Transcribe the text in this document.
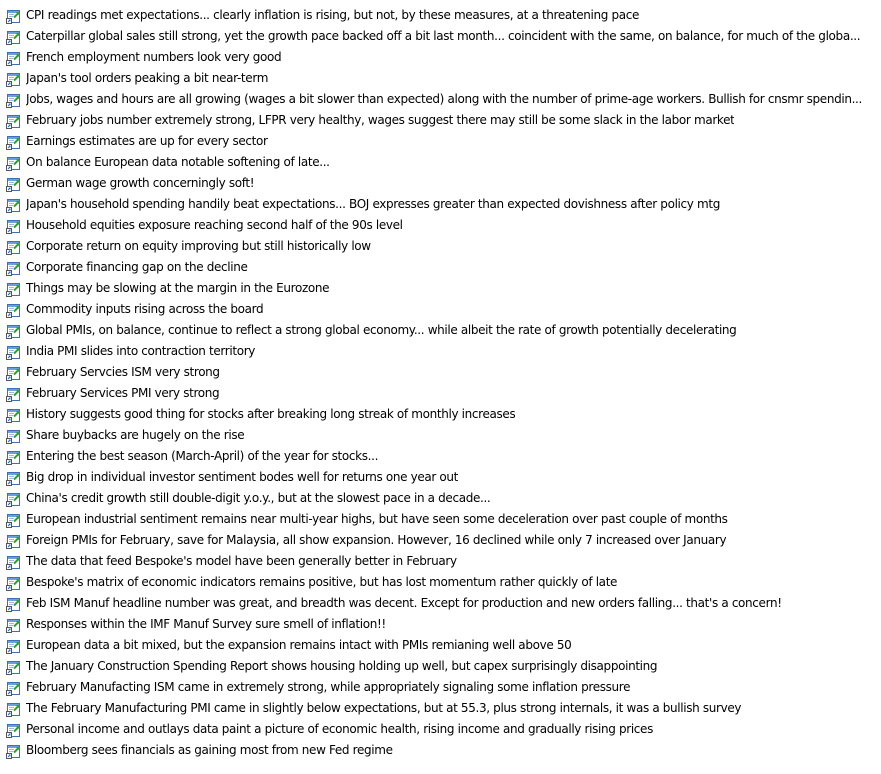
CPI readings met expectations... clearly inflation is rising, but not, by these measures, at a threatening pace
Caterpillar global sales still strong, yet the growth pace backed off a bit last month... coincident with the same, on balance, for much of the globa...
French employment numbers look very good
Japan's tool orders peaking a bit near-term
Jobs, wages and hours are all growing (wages a bit slower than expected) along with the number of prime-age workers. Bullish for cnsmr spendin...
February jobs number extremely strong, LFPR very healthy, wages suggest there may still be some slack in the labor market
Earnings estimates are up for every sector
On balance European data notable softening of late...
German wage growth concerningly soft!
Japan's household spending handily beat expectations... BOJ expresses greater than expected dovishness after policy mtg
Household equities exposure reaching second half of the 90s level
Corporate return on equity improving but still historically low
Corporate financing gap on the decline
Things may be slowing at the margin in the Eurozone
Commodity inputs rising across the board
Global PMIs, on balance, continue to reflect a strong global economy... while albeit the rate of growth potentially decelerating
India PMI slides into contraction territory
February Servcies ISM very strong
February Services PMI very strong
History suggests good thing for stocks after breaking long streak of monthly increases
Share buybacks are hugely on the rise
Entering the best season (March-April) of the year for stocks...
Big drop in individual investor sentiment bodes well for returns one year out
China's credit growth still double-digit y.o.y., but at the slowest pace in a decade...
European industrial sentiment remains near multi-year highs, but have seen some deceleration over past couple of months
Foreign PMIs for February, save for Malaysia, all show expansion. However, 16 declined while only 7 increased over January
The data that feed Bespoke's model have been generally better in February
Bespoke's matrix of economic indicators remains positive, but has lost momentum rather quickly of late
Feb ISM Manuf headline number was great, and breadth was decent. Except for production and new orders falling... that's a concern!
Responses within the IMF Manuf Survey sure smell of inflation!!
European data a bit mixed, but the expansion remains intact with PMIs remianing well above 50
The January Construction Spending Report shows housing holding up well, but capex surprisingly disappointing
February Manufacting ISM came in extremely strong, while appropriately signaling some inflation pressure
The February Manufacturing PMI came in slightly below expectations, but at 55.3, plus strong internals, it was a bullish survey
Personal income and outlays data paint a picture of economic health, rising income and gradually rising prices
Bloomberg sees financials as gaining most from new Fed regime
